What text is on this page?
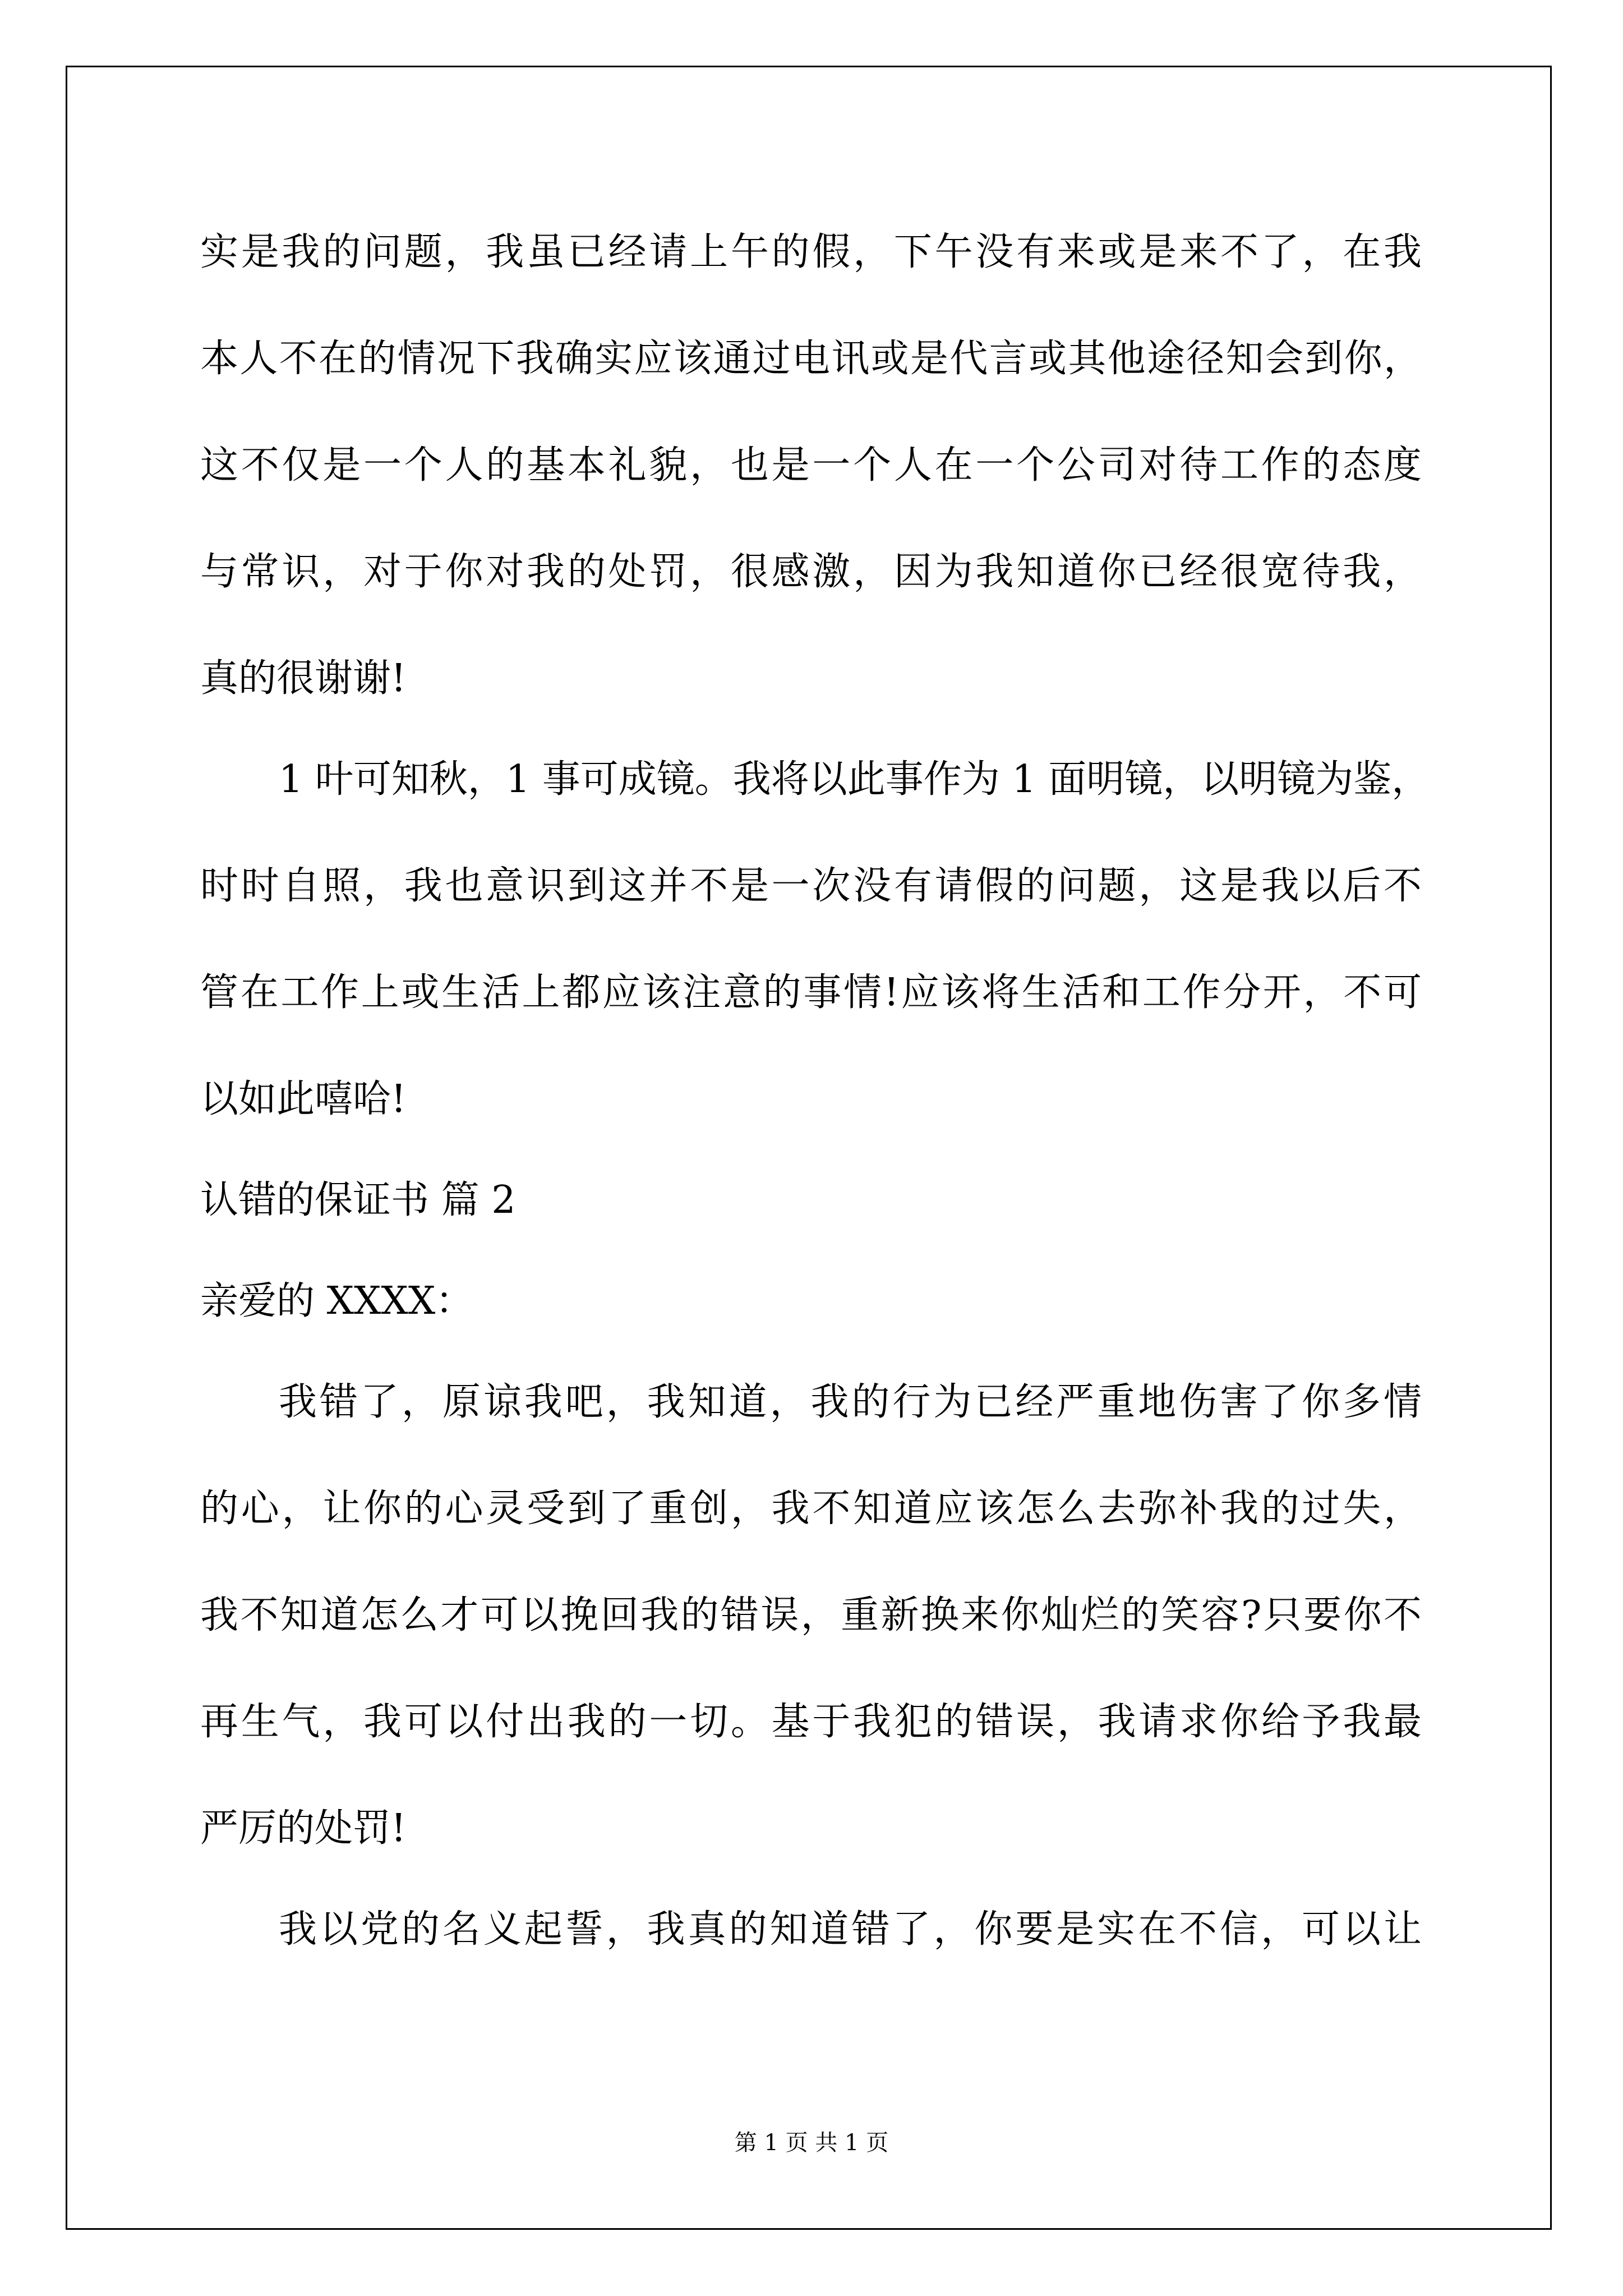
实是我的问题，我虽已经请上午的假，下午没有来或是来不了，在我
本人不在的情况下我确实应该通过电讯或是代言或其他途径知会到你，
这不仅是一个人的基本礼貌，也是一个人在一个公司对待工作的态度
与常识，对于你对我的处罚，很感激，因为我知道你已经很宽待我，
真的很谢谢!
1 叶可知秋，1 事可成镜。我将以此事作为 1 面明镜，以明镜为鉴，
时时自照，我也意识到这并不是一次没有请假的问题，这是我以后不
管在工作上或生活上都应该注意的事情!应该将生活和工作分开，不可
以如此嘻哈!
认错的保证书 篇 2
亲爱的 XXXX：
我错了，原谅我吧，我知道，我的行为已经严重地伤害了你多情
的心，让你的心灵受到了重创，我不知道应该怎么去弥补我的过失，
我不知道怎么才可以挽回我的错误，重新换来你灿烂的笑容?只要你不
再生气，我可以付出我的一切。基于我犯的错误，我请求你给予我最
严厉的处罚!
我以党的名义起誓，我真的知道错了，你要是实在不信，可以让
第 1 页 共 1 页
